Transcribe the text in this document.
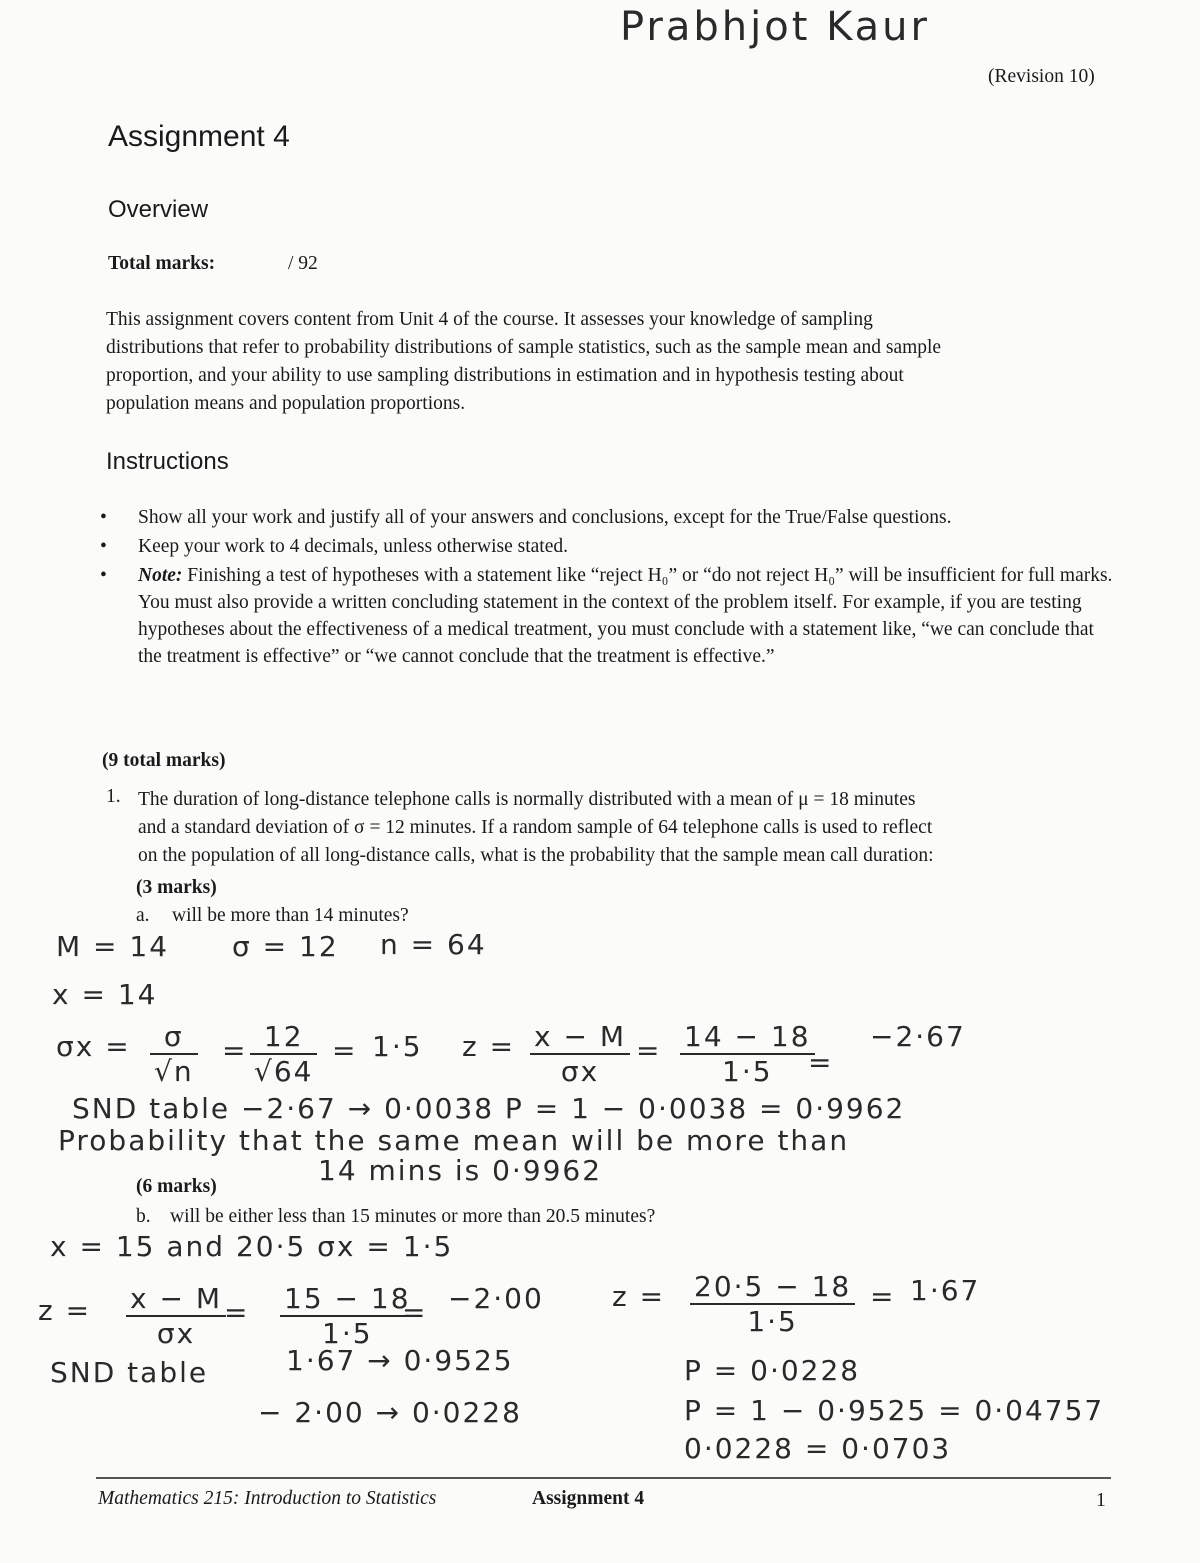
Prabhjot Kaur
(Revision 10)
Assignment 4
Overview
Total marks:	/ 92
This assignment covers content from Unit 4 of the course. It assesses your knowledge of sampling
distributions that refer to probability distributions of sample statistics, such as the sample mean and sample
proportion, and your ability to use sampling distributions in estimation and in hypothesis testing about
population means and population proportions.
Instructions
• Show all your work and justify all of your answers and conclusions, except for the True/False questions.
• Keep your work to 4 decimals, unless otherwise stated.
• Note: Finishing a test of hypotheses with a statement like “reject H₀” or “do not reject H₀” will be insufficient for full marks. You must also provide a written concluding statement in the context of the problem itself. For example, if you are testing hypotheses about the effectiveness of a medical treatment, you must conclude with a statement like, “we can conclude that the treatment is effective” or “we cannot conclude that the treatment is effective.”
(9 total marks)
1. The duration of long-distance telephone calls is normally distributed with a mean of μ = 18 minutes
and a standard deviation of σ = 12 minutes. If a random sample of 64 telephone calls is used to reflect
on the population of all long-distance calls, what is the probability that the sample mean call duration:
(3 marks)
a. will be more than 14 minutes?
M = 14 σ = 12 n = 64
x = 14
$\sigma x = \frac{\sigma}{√n} = \frac{12}{√64} = 1\cdot 5$ $z = \frac{x - M}{\sigma x} = \frac{14 - 18}{1\cdot 5}$
=
−2·67
SND table −2·67 → 0·0038 P = 1 − 0·0038 = 0·9962
Probability that the same mean will be more than
14 mins is 0·9962
(6 marks)
b. will be either less than 15 minutes or more than 20.5 minutes?
x = 15 and 20·5 σx = 1·5
$z = \frac{x - M}{\sigma x}$
= $\frac{15 - 18}{1\cdot 5}$
= −2·00 $z = \frac{20\cdot 5 - 18}{1\cdot 5} = 1\cdot 67$
SND table	1·67 → 0·9525
− 2·00 → 0·0228
P = 0·0228
P = 1 − 0·9525 = 0·04757
0·0228 = 0·0703
Mathematics 215: Introduction to Statistics	Assignment 4	1
